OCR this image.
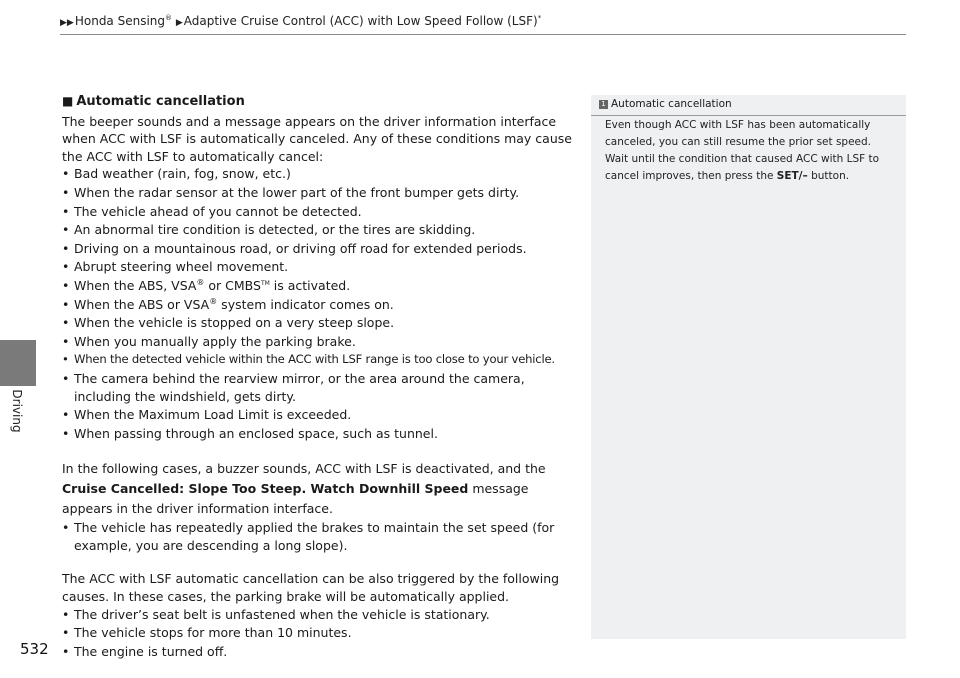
▶▶Honda Sensing® ▶Adaptive Cruise Control (ACC) with Low Speed Follow (LSF)*
Driving
532
■ Automatic cancellation

The beeper sounds and a message appears on the driver information interface when ACC with LSF is automatically canceled. Any of these conditions may cause the ACC with LSF to automatically cancel:

• Bad weather (rain, fog, snow, etc.)
• When the radar sensor at the lower part of the front bumper gets dirty.
• The vehicle ahead of you cannot be detected.
• An abnormal tire condition is detected, or the tires are skidding.
• Driving on a mountainous road, or driving off road for extended periods.
• Abrupt steering wheel movement.
• When the ABS, VSA® or CMBS™ is activated.
• When the ABS or VSA® system indicator comes on.
• When the vehicle is stopped on a very steep slope.
• When you manually apply the parking brake.
• When the detected vehicle within the ACC with LSF range is too close to your vehicle.
• The camera behind the rearview mirror, or the area around the camera, including the windshield, gets dirty.
• When the Maximum Load Limit is exceeded.
• When passing through an enclosed space, such as tunnel.

In the following cases, a buzzer sounds, ACC with LSF is deactivated, and the Cruise Cancelled: Slope Too Steep. Watch Downhill Speed message appears in the driver information interface.

• The vehicle has repeatedly applied the brakes to maintain the set speed (for example, you are descending a long slope).

The ACC with LSF automatic cancellation can be also triggered by the following causes. In these cases, the parking brake will be automatically applied.

• The driver’s seat belt is unfastened when the vehicle is stationary.
• The vehicle stops for more than 10 minutes.
• The engine is turned off.
1 Automatic cancellation
Even though ACC with LSF has been automatically canceled, you can still resume the prior set speed. Wait until the condition that caused ACC with LSF to cancel improves, then press the SET/– button.
